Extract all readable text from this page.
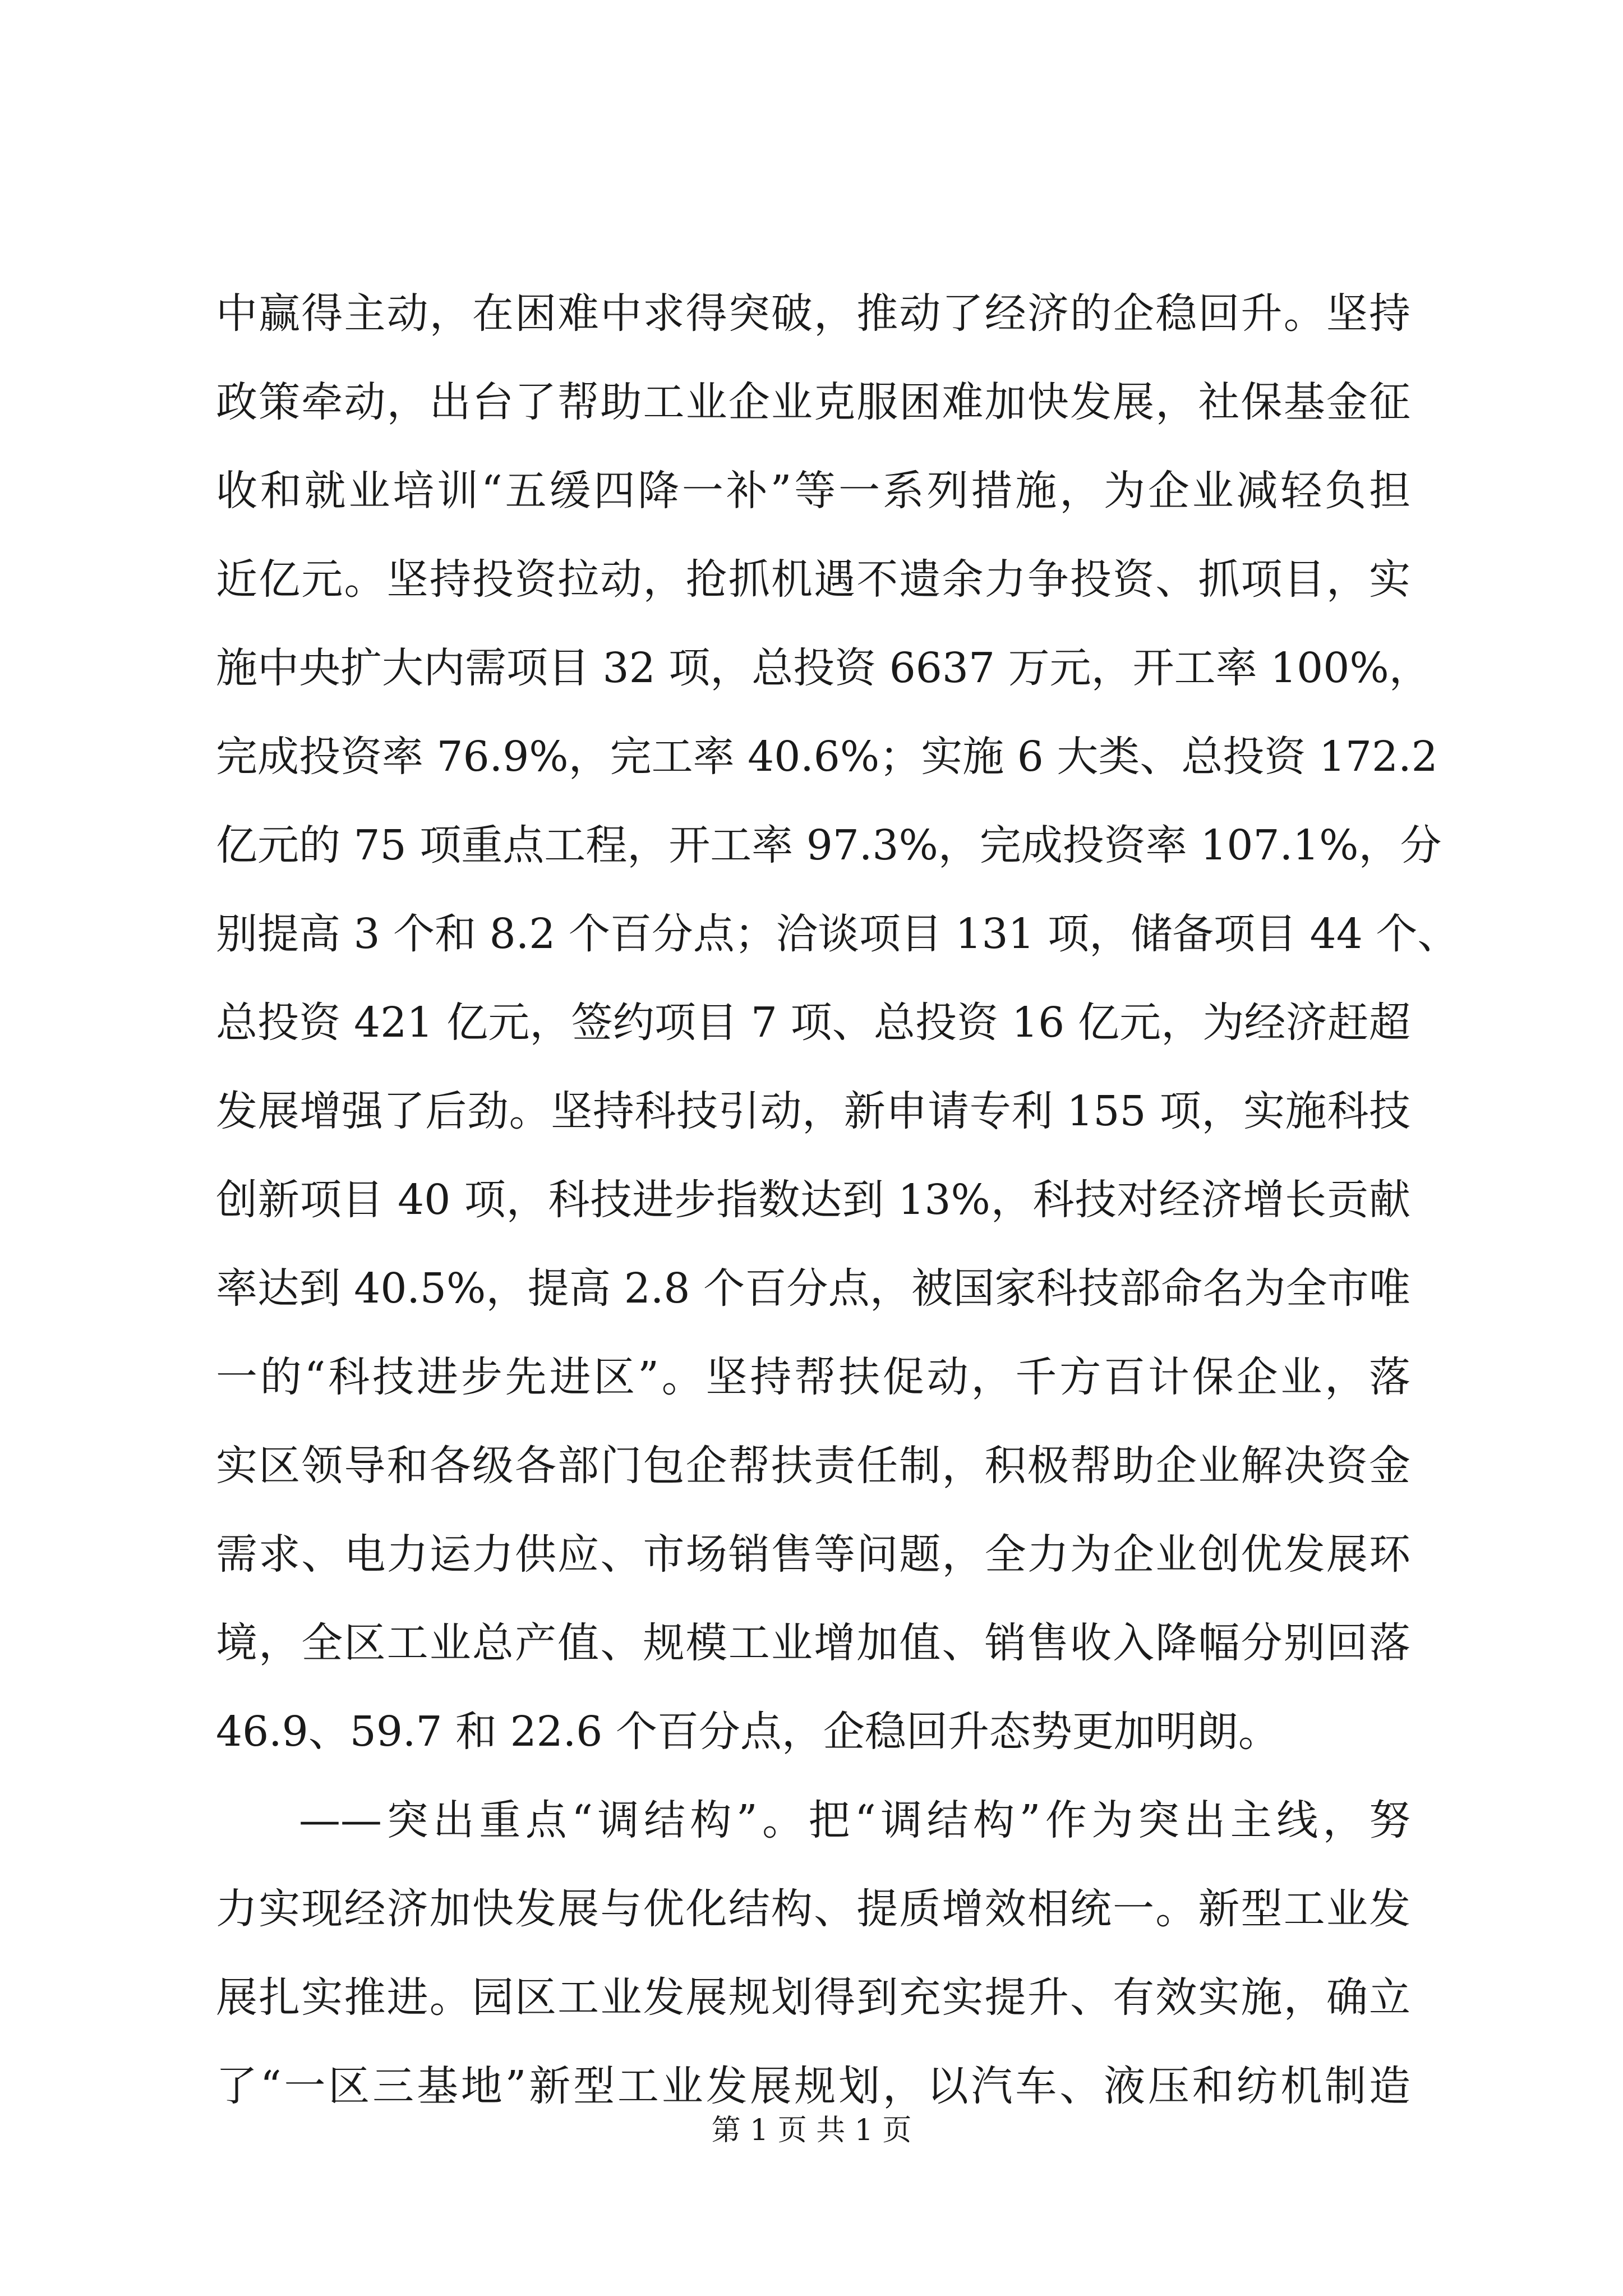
中赢得主动，在困难中求得突破，推动了经济的企稳回升。坚持
政策牵动，出台了帮助工业企业克服困难加快发展，社保基金征
收和就业培训“五缓四降一补”等一系列措施，为企业减轻负担
近亿元。坚持投资拉动，抢抓机遇不遗余力争投资、抓项目，实
施中央扩大内需项目 32 项，总投资 6637 万元，开工率 100%，
完成投资率 76.9%，完工率 40.6%；实施 6 大类、总投资 172.2
亿元的 75 项重点工程，开工率 97.3%，完成投资率 107.1%，分
别提高 3 个和 8.2 个百分点；洽谈项目 131 项，储备项目 44 个、
总投资 421 亿元，签约项目 7 项、总投资 16 亿元，为经济赶超
发展增强了后劲。坚持科技引动，新申请专利 155 项，实施科技
创新项目 40 项，科技进步指数达到 13%，科技对经济增长贡献
率达到 40.5%，提高 2.8 个百分点，被国家科技部命名为全市唯
一的“科技进步先进区”。坚持帮扶促动，千方百计保企业，落
实区领导和各级各部门包企帮扶责任制，积极帮助企业解决资金
需求、电力运力供应、市场销售等问题，全力为企业创优发展环
境，全区工业总产值、规模工业增加值、销售收入降幅分别回落
46.9、59.7 和 22.6 个百分点，企稳回升态势更加明朗。
——突出重点“调结构”。把“调结构”作为突出主线，努
力实现经济加快发展与优化结构、提质增效相统一。新型工业发
展扎实推进。园区工业发展规划得到充实提升、有效实施，确立
了“一区三基地”新型工业发展规划，以汽车、液压和纺机制造
第 1 页 共 1 页
